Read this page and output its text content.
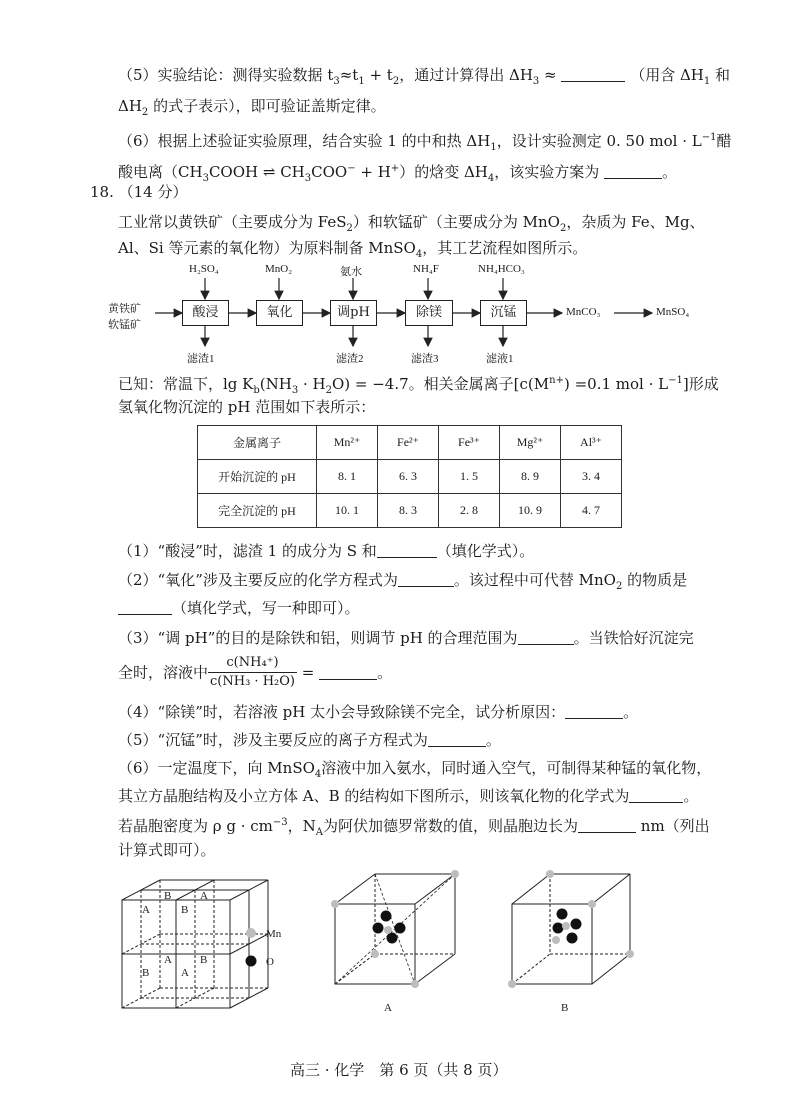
（5）实验结论：测得实验数据 $t_3\approx t_1 + t_2$，通过计算得出 $\Delta H_3$ ≈	（用含 $\Delta H_1$ 和
$\Delta H_2$ 的式子表示），即可验证盖斯定律。
（6）根据上述验证实验原理，结合实验 1 的中和热 $\Delta H_1$，设计实验测定 0. 50 mol · $L^{-1}$醋
酸电离（$CH_3COOH$ ⇌ $CH_3COO^- + H^+$）的焓变 $\Delta H_4$，该实验方案为	。
18. （14 分）
工业常以黄铁矿（主要成分为 FeS$_2$）和软锰矿（主要成分为 MnO$_2$，杂质为 Fe、Mg、
Al、Si 等元素的氧化物）为原料制备 MnSO$_4$，其工艺流程如图所示。
黄铁矿
软锰矿
酸浸	氧化	调pH	除镁	沉锰
H₂SO₄	MnO₂	氨水	NH₄F	NH₄HCO₃
滤渣1	滤渣2	滤渣3	滤液1
MnCO₃	MnSO₄
已知：常温下，$\lg K_b(NH_3 \cdot H_2O) = -4.7$。相关金属离子[$c(M^{n+}) =0.1$ mol · $L^{-1}$]形成
氢氧化物沉淀的 pH 范围如下表所示：
金属离子	Mn²⁺	Fe²⁺	Fe³⁺	Mg²⁺	Al³⁺
开始沉淀的 pH	8. 1	6. 3	1. 5	8. 9	3. 4
完全沉淀的 pH	10. 1	8. 3	2. 8	10. 9	4. 7
（1）“酸浸”时，滤渣 1 的成分为 S 和	（填化学式）。
（2）“氧化”涉及主要反应的化学方程式为	。该过程中可代替 MnO$_2$ 的物质是
（填化学式，写一种即可）。
（3）“调 pH”的目的是除铁和铝，则调节 pH 的合理范围为	。当铁恰好沉淀完
全时，溶液中 $\frac{\text{c(NH₄⁺)}}{\text{c(NH₃ · H₂O)}}$ =	。
（4）“除镁”时，若溶液 pH 太小会导致除镁不完全，试分析原因：	。
（5）“沉锰”时，涉及主要反应的离子方程式为	。
（6）一定温度下，向 MnSO$_4$溶液中加入氨水，同时通入空气，可制得某种锰的氧化物，
其立方晶胞结构及小立方体 A、B 的结构如下图所示，则该氧化物的化学式为	。
若晶胞密度为 ρ $g \cdot cm^{-3}$，$N_A$为阿伏加德罗常数的值，则晶胞边长为	nm（列出
计算式即可）。
B	A
A	B
A	B
B	A
Mn
O
A	B
高三 · 化学　第 6 页（共 8 页）
